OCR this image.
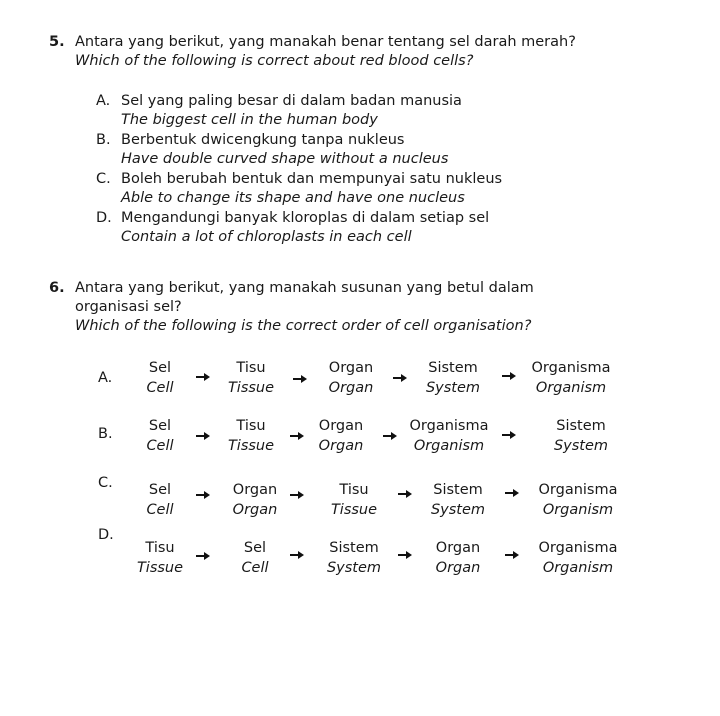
5. Antara yang berikut, yang manakah benar tentang sel darah merah?
Which of the following is correct about red blood cells?
A. Sel yang paling besar di dalam badan manusia
The biggest cell in the human body
B. Berbentuk dwicengkung tanpa nukleus
Have double curved shape without a nucleus
C. Boleh berubah bentuk dan mempunyai satu nukleus
Able to change its shape and have one nucleus
D. Mengandungi banyak kloroplas di dalam setiap sel
Contain a lot of chloroplasts in each cell
6. Antara yang berikut, yang manakah susunan yang betul dalam
organisasi sel?
Which of the following is the correct order of cell organisation?
A.
Sel
Cell
Tisu
Tissue
Organ
Organ
Sistem
System
Organisma
Organism
B.	Sel
Cell
Tisu
Tissue
Organ
Organ
Organisma
Organism
Sistem
System
C.	Sel
Cell
Organ
Organ
Tisu
Tissue
Sistem
System
Organisma
Organism
D.
Tisu
Tissue
Sel
Cell
Sistem
System
Organ
Organ
Organisma
Organism
